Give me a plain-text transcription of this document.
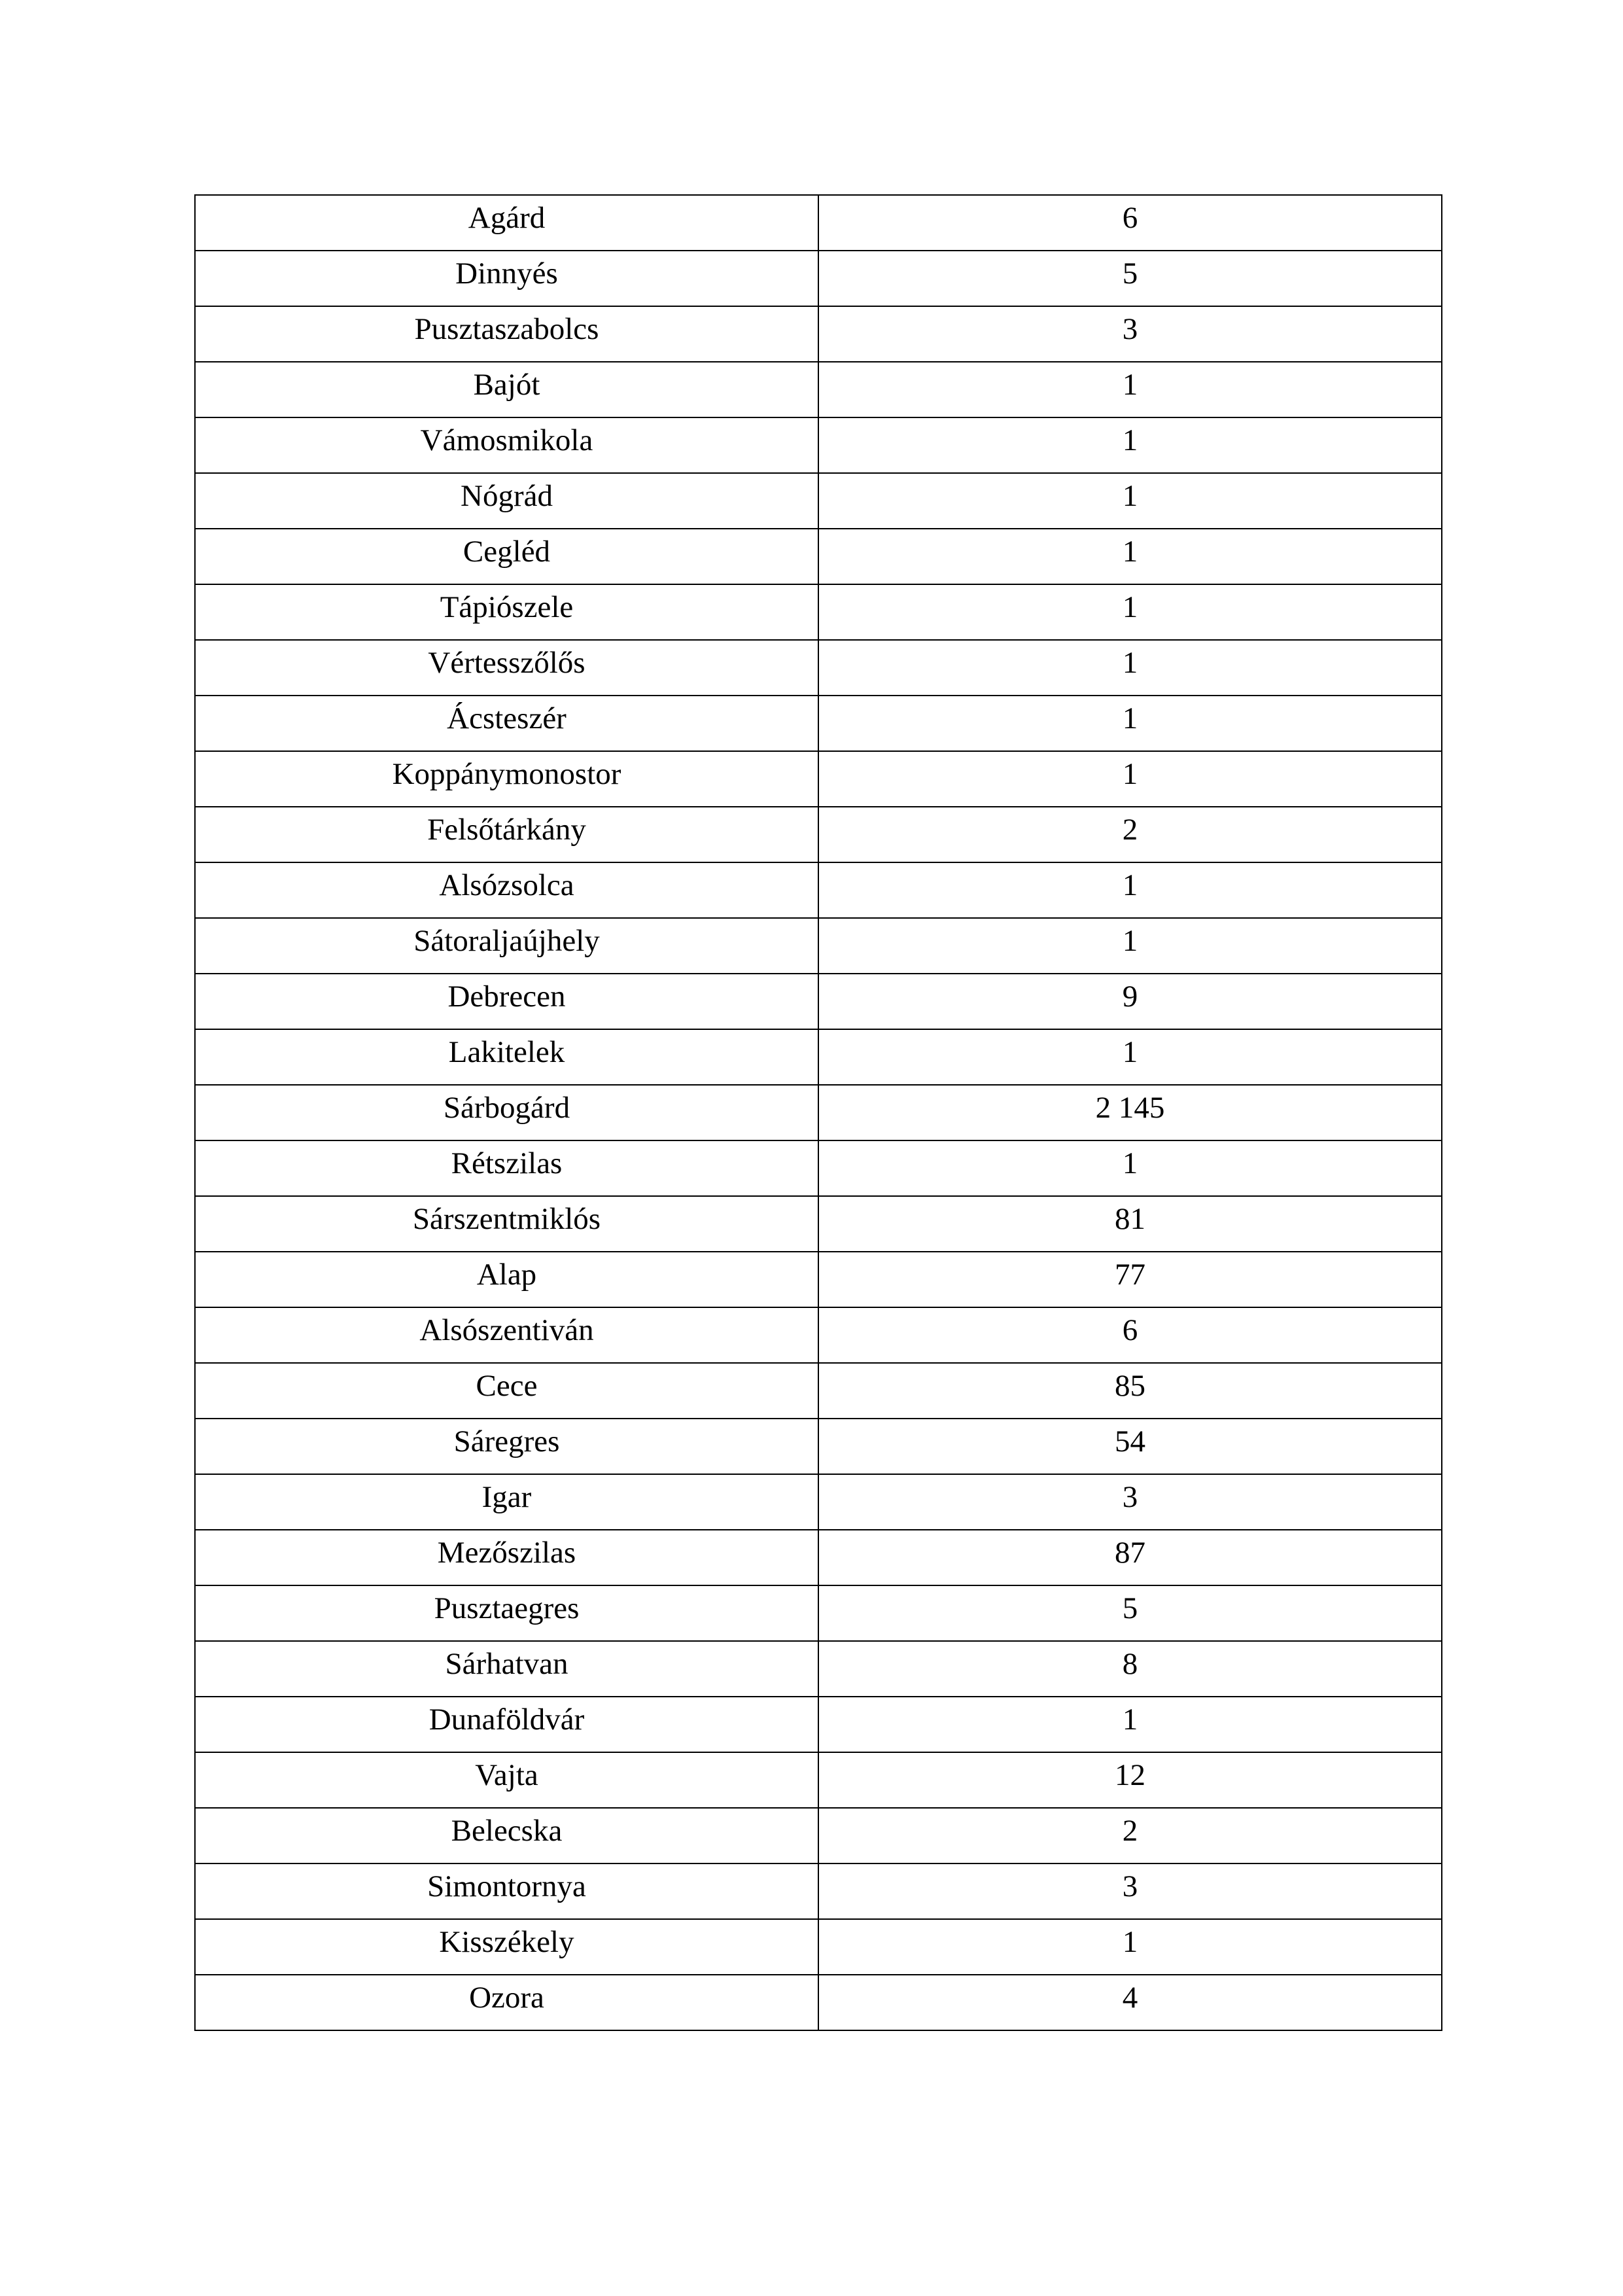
Agárd	6
Dinnyés	5
Pusztaszabolcs	3
Bajót	1
Vámosmikola	1
Nógrád	1
Cegléd	1
Tápiószele	1
Vértesszőlős	1
Ácsteszér	1
Koppánymonostor	1
Felsőtárkány	2
Alsózsolca	1
Sátoraljaújhely	1
Debrecen	9
Lakitelek	1
Sárbogárd	2 145
Rétszilas	1
Sárszentmiklós	81
Alap	77
Alsószentiván	6
Cece	85
Sáregres	54
Igar	3
Mezőszilas	87
Pusztaegres	5
Sárhatvan	8
Dunaföldvár	1
Vajta	12
Belecska	2
Simontornya	3
Kisszékely	1
Ozora	4
